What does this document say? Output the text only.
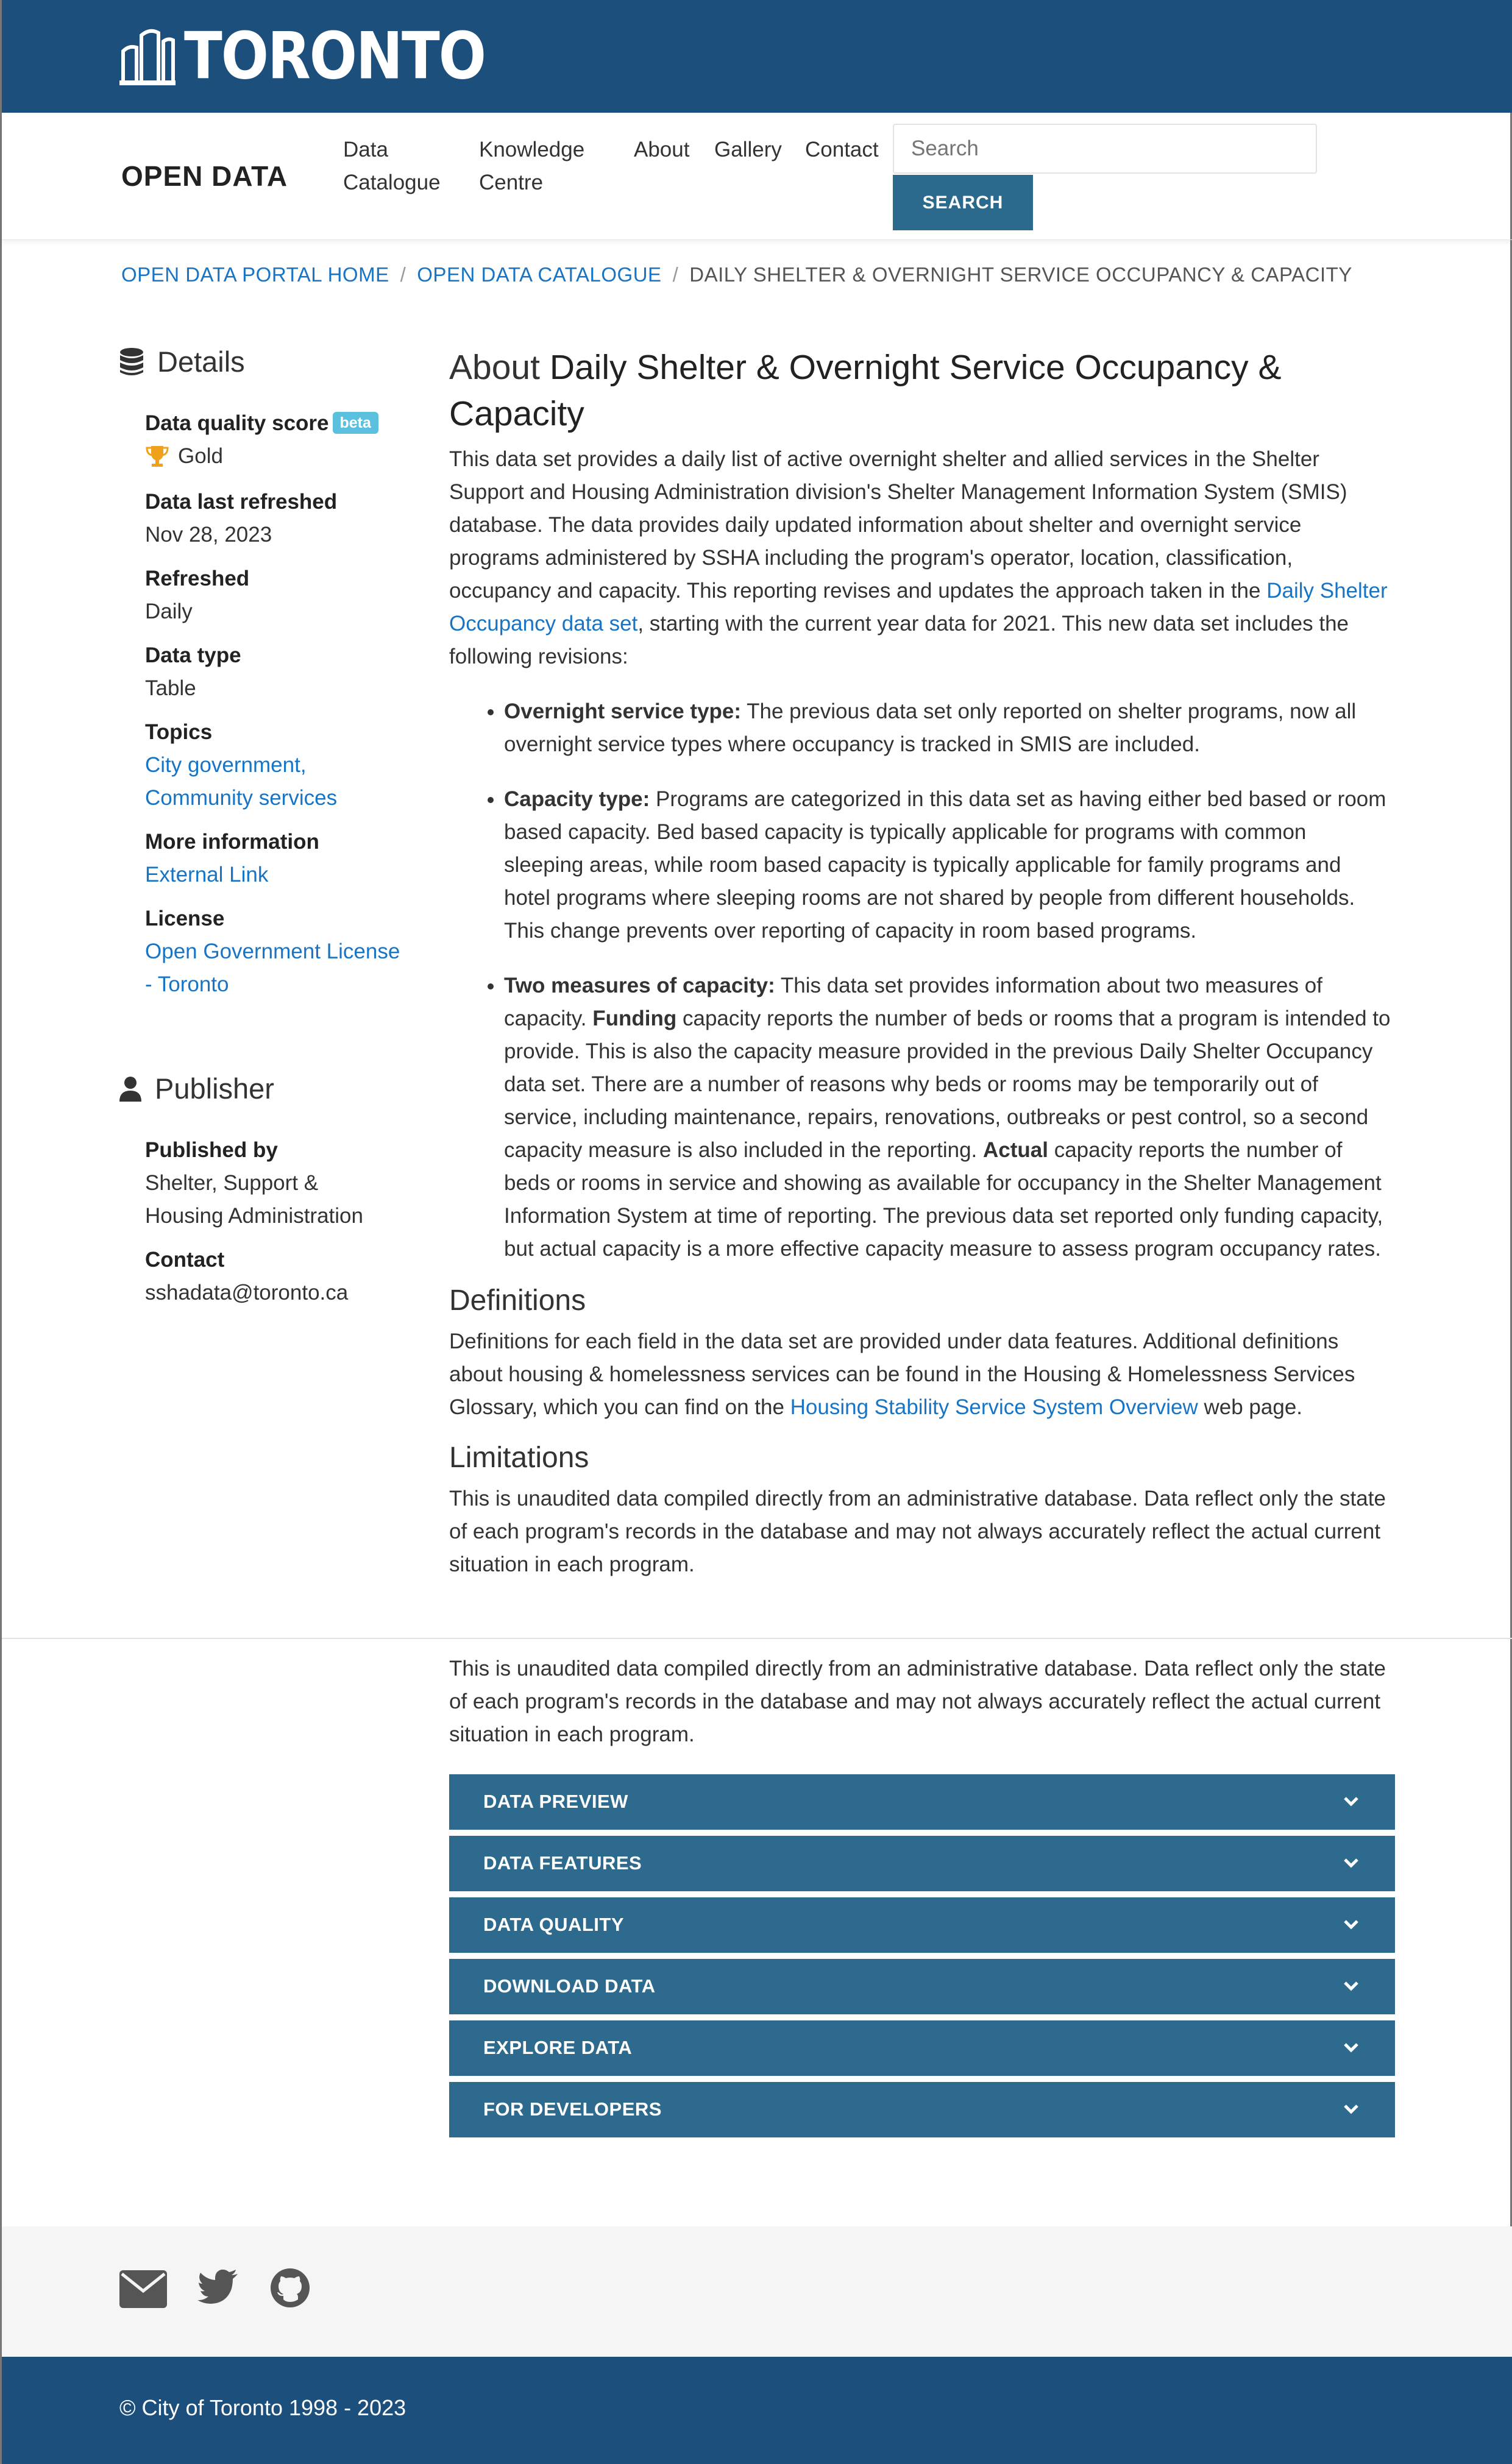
TORONTO
OPEN DATA
Data
Catalogue
Knowledge
Centre
About Gallery Contact
Search
SEARCH
OPEN DATA PORTAL HOME / OPEN DATA CATALOGUE / DAILY SHELTER & OVERNIGHT SERVICE OCCUPANCY & CAPACITY
Details
Data quality score beta
Gold
Data last refreshed
Nov 28, 2023
Refreshed
Daily
Data type
Table
Topics
City government,
Community services
More information
External Link
License
Open Government License
- Toronto
Publisher
Published by
Shelter, Support &
Housing Administration
Contact
sshadata@toronto.ca
About Daily Shelter & Overnight Service Occupancy & Capacity

This data set provides a daily list of active overnight shelter and allied services in the Shelter Support and Housing Administration division's Shelter Management Information System (SMIS) database. The data provides daily updated information about shelter and overnight service programs administered by SSHA including the program's operator, location, classification, occupancy and capacity. This reporting revises and updates the approach taken in the Daily Shelter Occupancy data set, starting with the current year data for 2021. This new data set includes the following revisions:

• Overnight service type: The previous data set only reported on shelter programs, now all overnight service types where occupancy is tracked in SMIS are included.
• Capacity type: Programs are categorized in this data set as having either bed based or room based capacity. Bed based capacity is typically applicable for programs with common sleeping areas, while room based capacity is typically applicable for family programs and hotel programs where sleeping rooms are not shared by people from different households. This change prevents over reporting of capacity in room based programs.
• Two measures of capacity: This data set provides information about two measures of capacity. Funding capacity reports the number of beds or rooms that a program is intended to provide. This is also the capacity measure provided in the previous Daily Shelter Occupancy data set. There are a number of reasons why beds or rooms may be temporarily out of service, including maintenance, repairs, renovations, outbreaks or pest control, so a second capacity measure is also included in the reporting. Actual capacity reports the number of beds or rooms in service and showing as available for occupancy in the Shelter Management Information System at time of reporting. The previous data set reported only funding capacity, but actual capacity is a more effective capacity measure to assess program occupancy rates.
Definitions

Definitions for each field in the data set are provided under data features. Additional definitions about housing & homelessness services can be found in the Housing & Homelessness Services Glossary, which you can find on the Housing Stability Service System Overview web page.

Limitations

This is unaudited data compiled directly from an administrative database. Data reflect only the state of each program's records in the database and may not always accurately reflect the actual current situation in each program.

This is unaudited data compiled directly from an administrative database. Data reflect only the state of each program's records in the database and may not always accurately reflect the actual current situation in each program.

DATA PREVIEW
DATA FEATURES
DATA QUALITY
DOWNLOAD DATA
EXPLORE DATA
FOR DEVELOPERS
© City of Toronto 1998 - 2023
